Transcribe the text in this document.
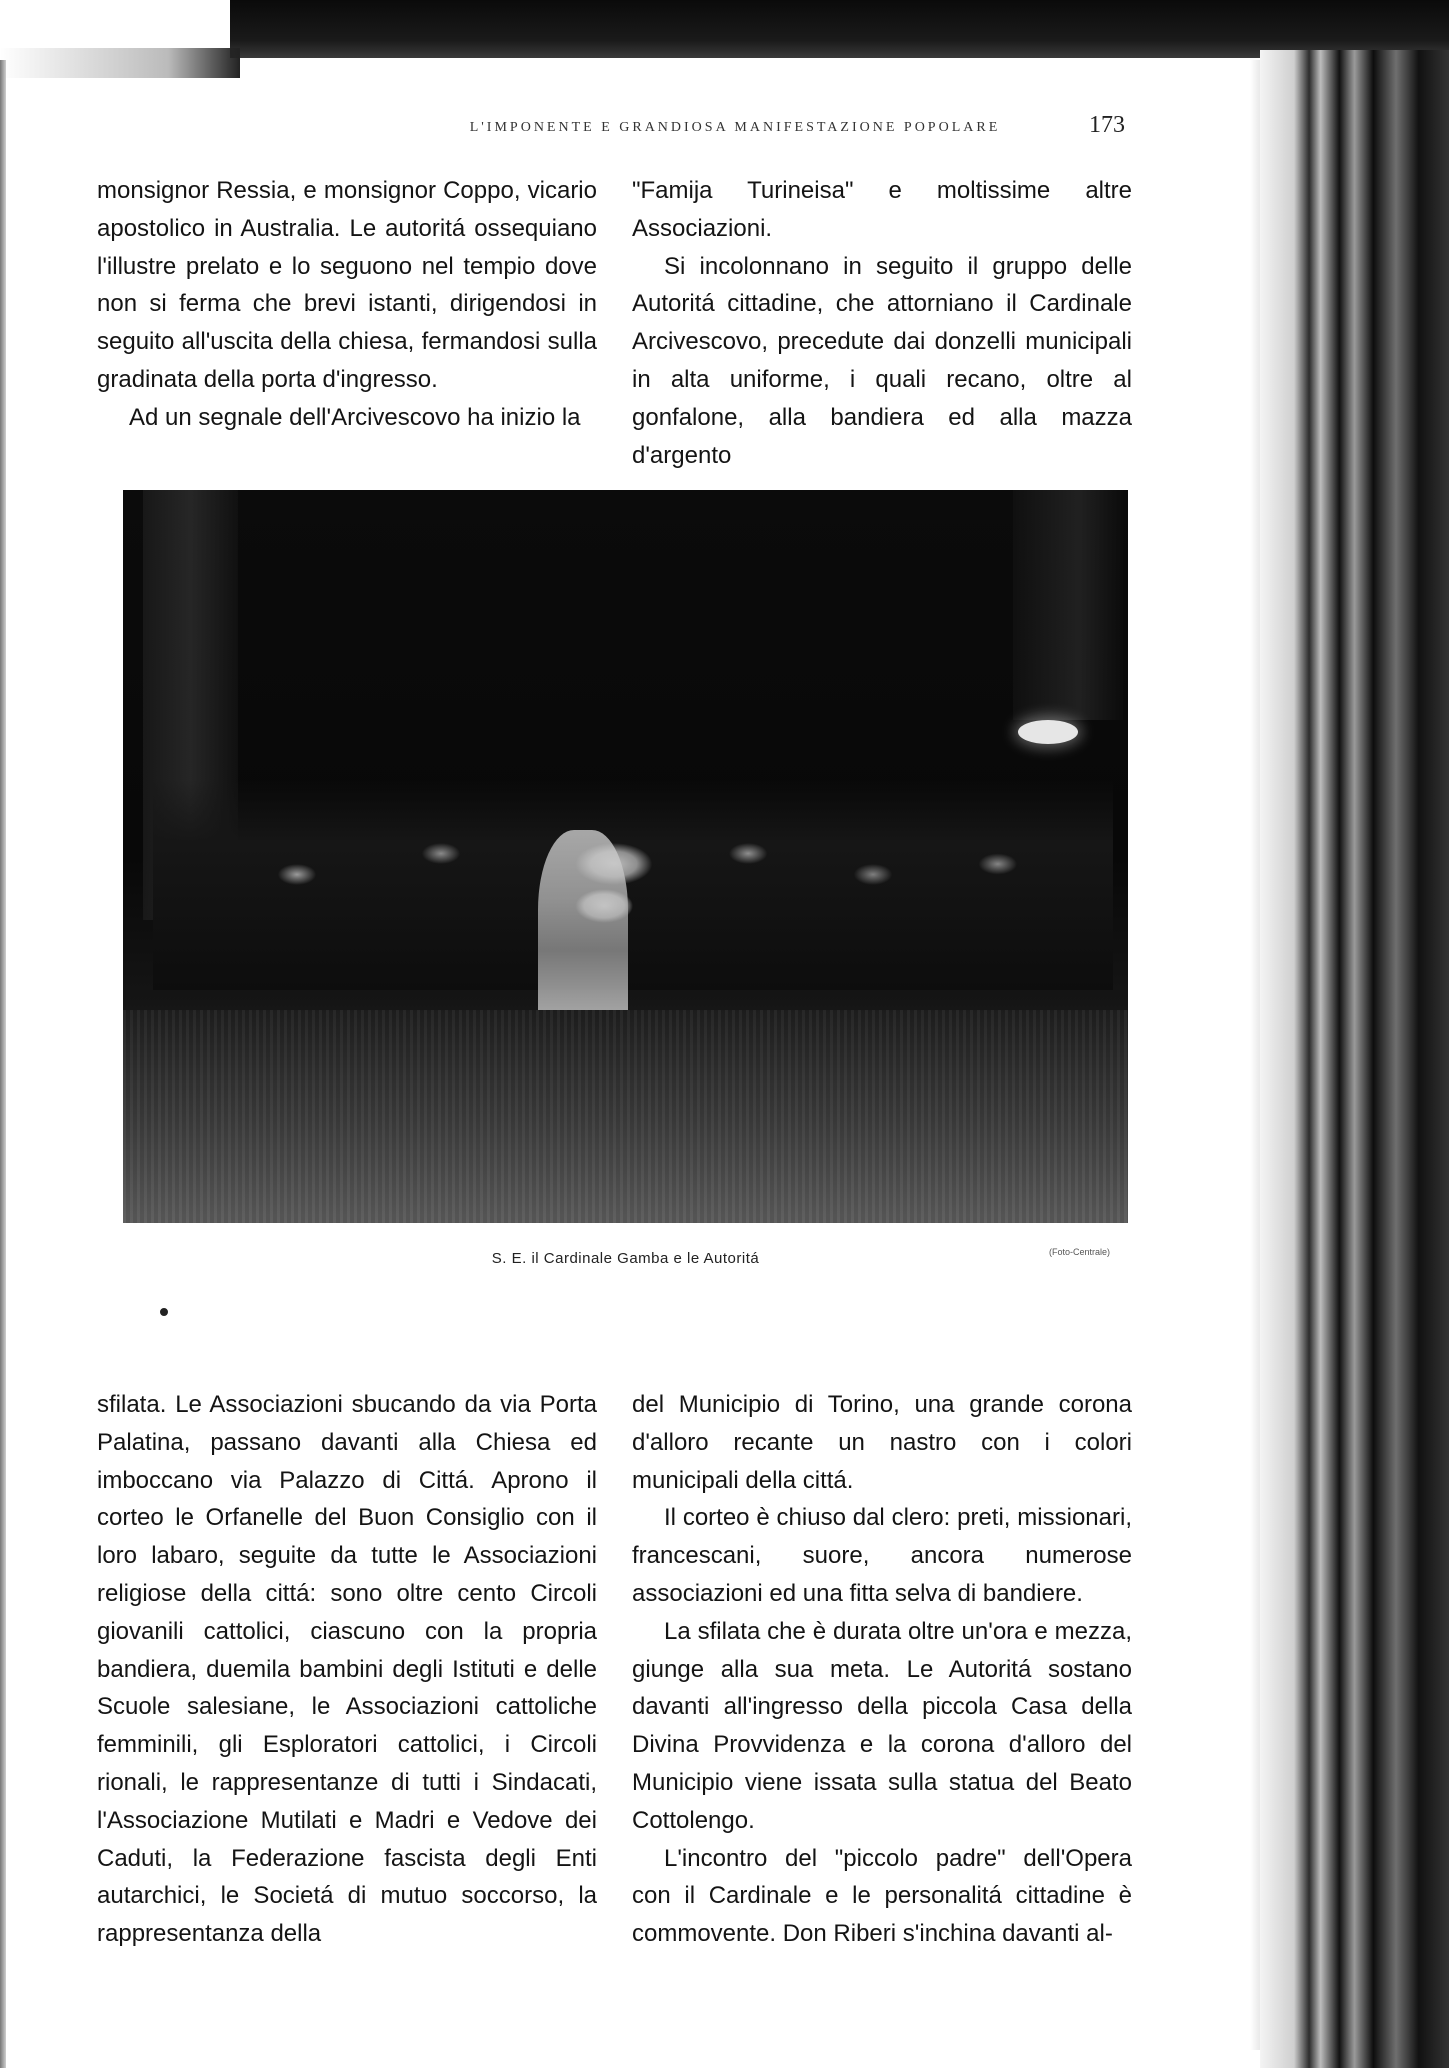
L'IMPONENTE E GRANDIOSA MANIFESTAZIONE POPOLARE	173

monsignor Ressia, e monsignor Coppo, vicario apostolico in Australia. Le autoritá ossequiano l'illustre prelato e lo seguono nel tempio dove non si ferma che brevi istanti, dirigendosi in seguito all'uscita della chiesa, fermandosi sulla gradinata della porta d'ingresso.

Ad un segnale dell'Arcivescovo ha inizio la

"Famija Turineisa" e moltissime altre Associazioni.

Si incolonnano in seguito il gruppo delle Autoritá cittadine, che attorniano il Cardinale Arcivescovo, precedute dai donzelli municipali in alta uniforme, i quali recano, oltre al gonfalone, alla bandiera ed alla mazza d'argento

S. E. il Cardinale Gamba e le Autoritá	(Foto-Centrale)

sfilata. Le Associazioni sbucando da via Porta Palatina, passano davanti alla Chiesa ed imboccano via Palazzo di Cittá. Aprono il corteo le Orfanelle del Buon Consiglio con il loro labaro, seguite da tutte le Associazioni religiose della cittá: sono oltre cento Circoli giovanili cattolici, ciascuno con la propria bandiera, duemila bambini degli Istituti e delle Scuole salesiane, le Associazioni cattoliche femminili, gli Esploratori cattolici, i Circoli rionali, le rappresentanze di tutti i Sindacati, l'Associazione Mutilati e Madri e Vedove dei Caduti, la Federazione fascista degli Enti autarchici, le Societá di mutuo soccorso, la rappresentanza della

del Municipio di Torino, una grande corona d'alloro recante un nastro con i colori municipali della cittá.

Il corteo è chiuso dal clero: preti, missionari, francescani, suore, ancora numerose associazioni ed una fitta selva di bandiere.

La sfilata che è durata oltre un'ora e mezza, giunge alla sua meta. Le Autoritá sostano davanti all'ingresso della piccola Casa della Divina Provvidenza e la corona d'alloro del Municipio viene issata sulla statua del Beato Cottolengo.

L'incontro del "piccolo padre" dell'Opera con il Cardinale e le personalitá cittadine è commovente. Don Riberi s'inchina davanti al-
